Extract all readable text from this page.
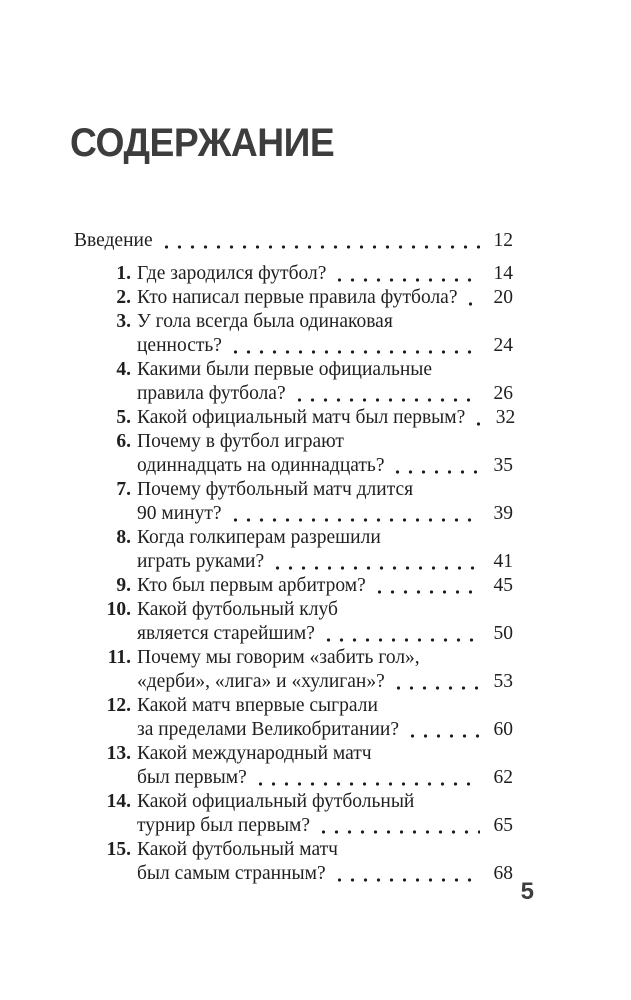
СОДЕРЖАНИЕ
Введение	12
1. Где зародился футбол?	14
2. Кто написал первые правила футбола? 20
3. У гола всегда была одинаковая
ценность?	24
4. Какими были первые официальные
правила футбола?	26
5. Какой официальный матч был первым? 32
6. Почему в футбол играют
одиннадцать на одиннадцать?	35
7. Почему футбольный матч длится
90 минут?	39
8. Когда голкиперам разрешили
играть руками?	41
9. Кто был первым арбитром?	45
10. Какой футбольный клуб
является старейшим?	50
11. Почему мы говорим «забить гол»,
«дерби», «лига» и «хулиган»?	53
12. Какой матч впервые сыграли
за пределами Великобритании?	60
13. Какой международный матч
был первым?	62
14. Какой официальный футбольный
турнир был первым?	65
15. Какой футбольный матч
был самым странным?	68
5
